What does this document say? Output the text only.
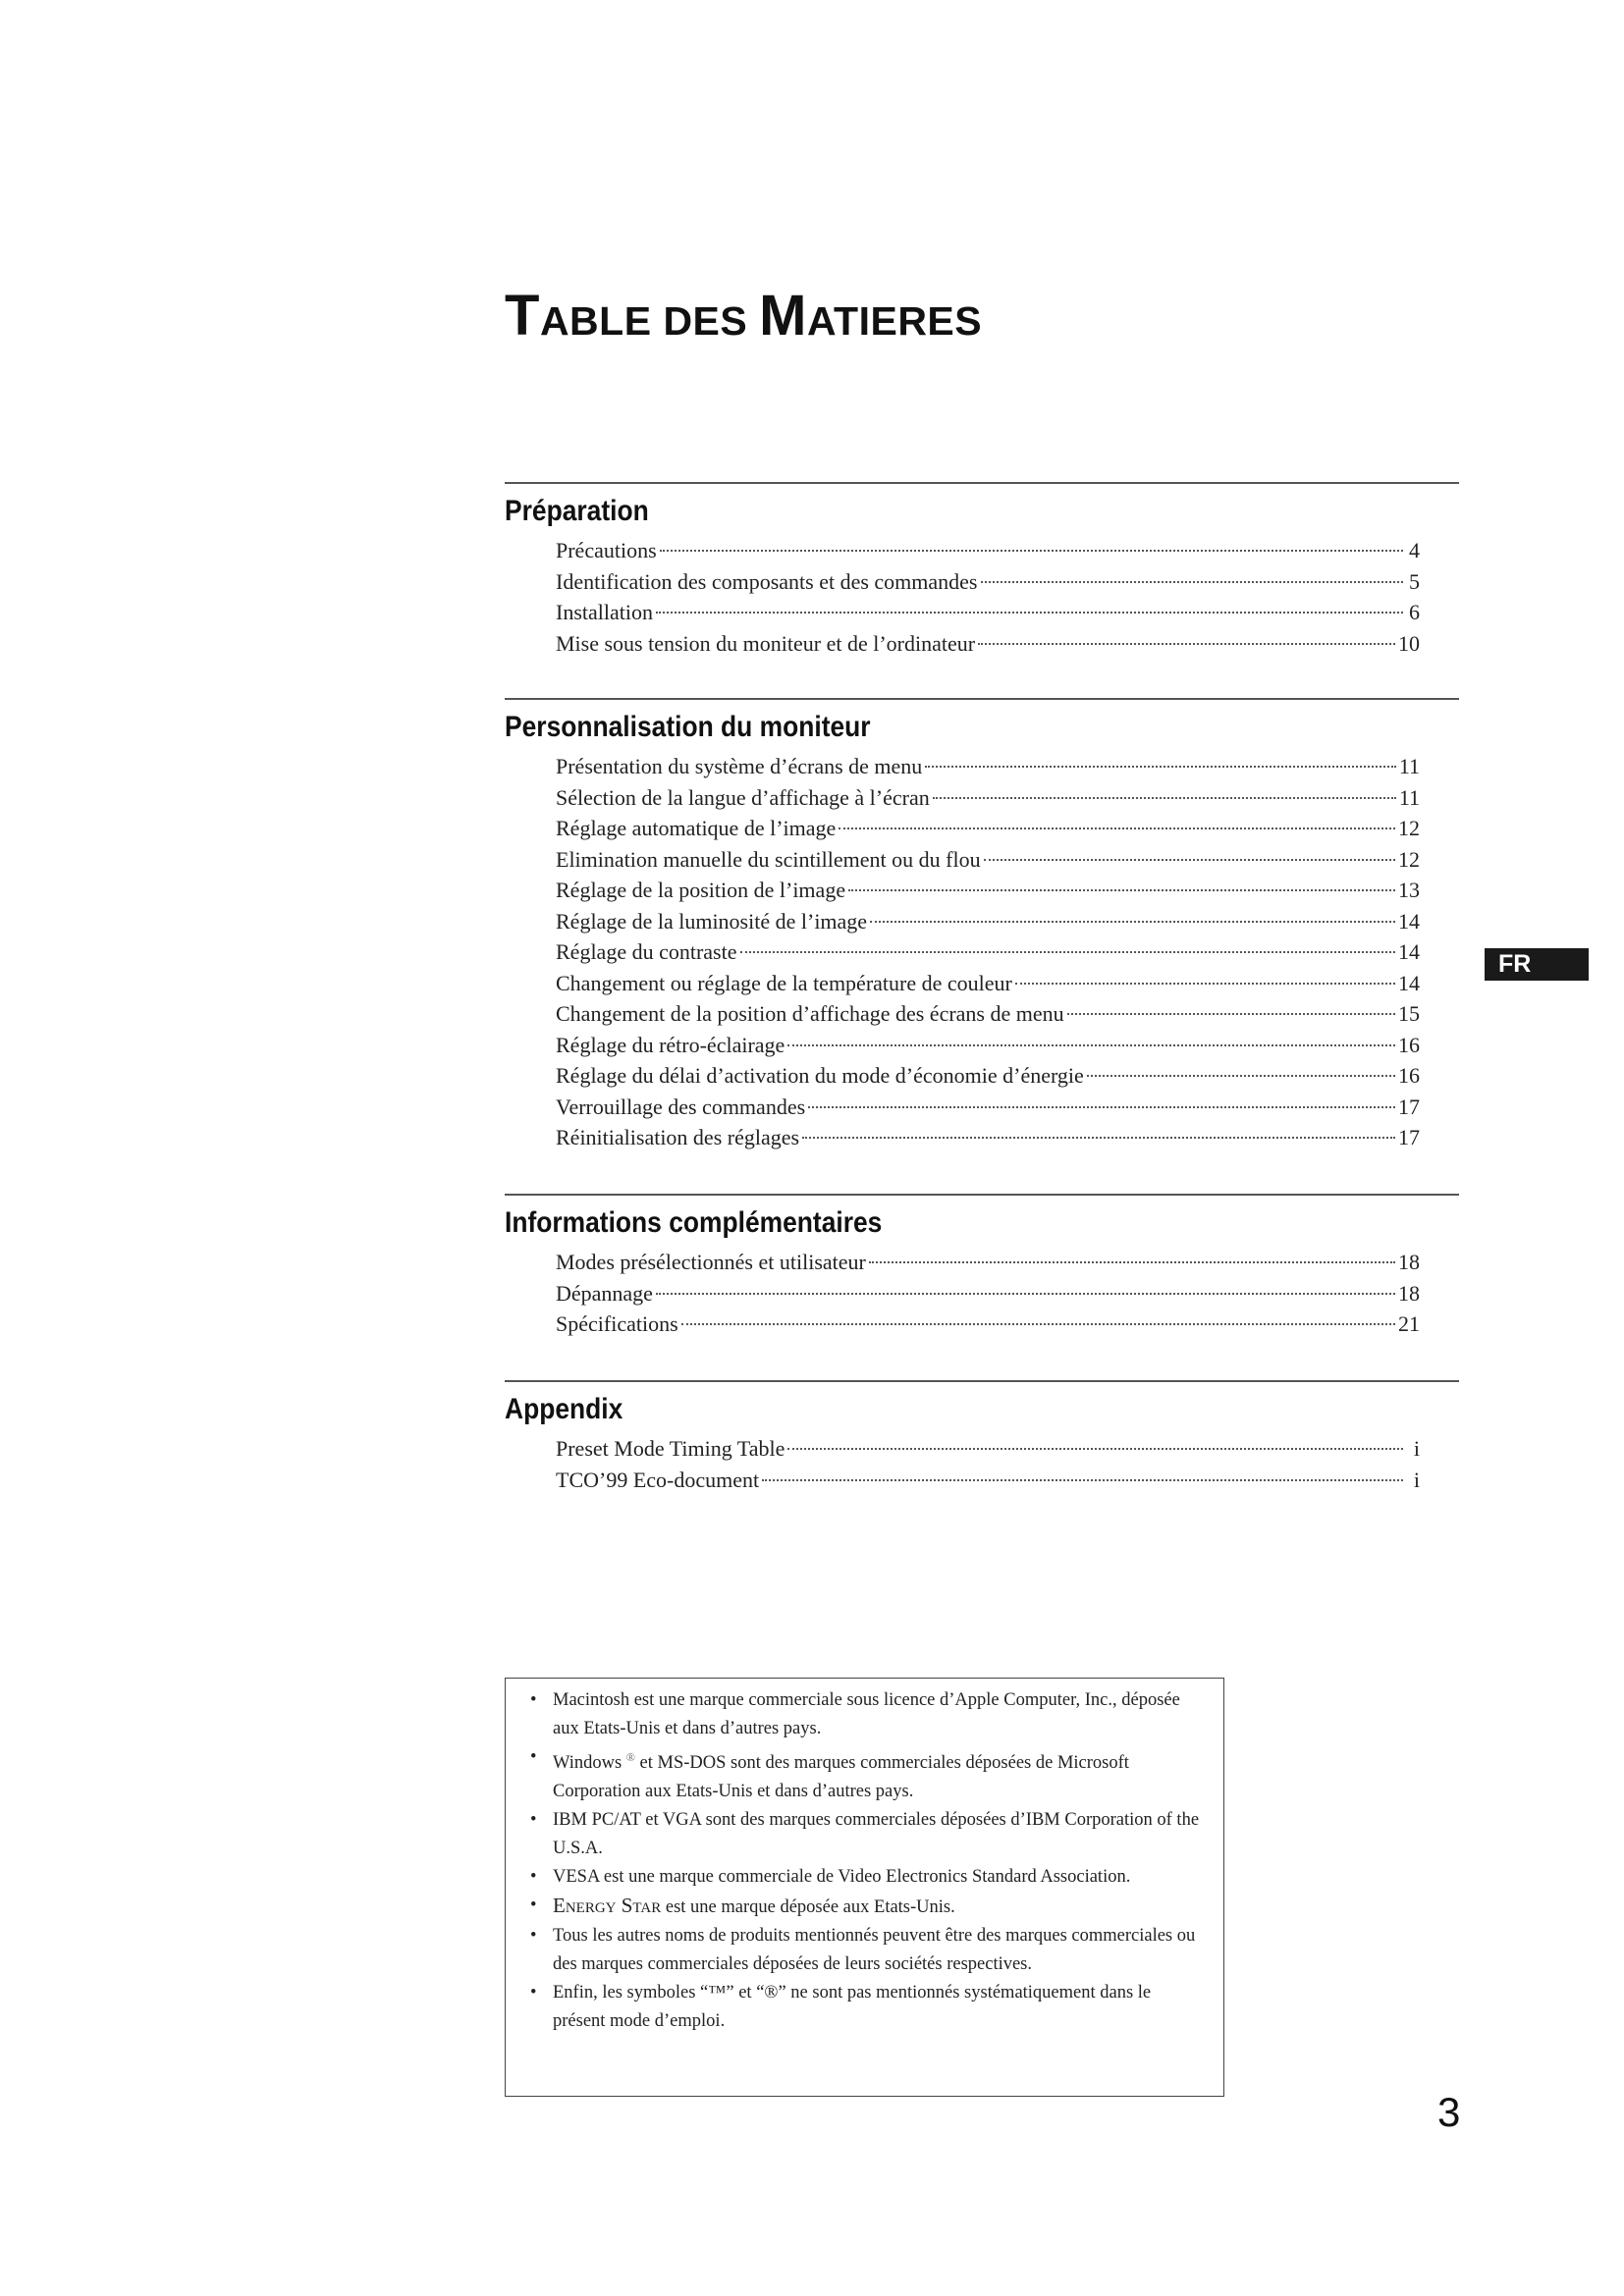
TABLE DES MATIERES
Préparation
Précautions	4
Identification des composants et des commandes	5
Installation	6
Mise sous tension du moniteur et de l’ordinateur	10
Personnalisation du moniteur
Présentation du système d’écrans de menu	11
Sélection de la langue d’affichage à l’écran	11
Réglage automatique de l’image	12
Elimination manuelle du scintillement ou du flou	12
Réglage de la position de l’image	13
Réglage de la luminosité de l’image	14
Réglage du contraste	14
Changement ou réglage de la température de couleur	14
Changement de la position d’affichage des écrans de menu	15
Réglage du rétro-éclairage	16
Réglage du délai d’activation du mode d’économie d’énergie	16
Verrouillage des commandes	17
Réinitialisation des réglages	17
Informations complémentaires
Modes présélectionnés et utilisateur	18
Dépannage	18
Spécifications	21
Appendix
Preset Mode Timing Table	i
TCO’99 Eco-document	i
FR
• Macintosh est une marque commerciale sous licence d’Apple Computer, Inc., déposée aux Etats-Unis et dans d’autres pays.
• Windows ® et MS-DOS sont des marques commerciales déposées de Microsoft Corporation aux Etats-Unis et dans d’autres pays.
• IBM PC/AT et VGA sont des marques commerciales déposées d’IBM Corporation of the U.S.A.
• VESA est une marque commerciale de Video Electronics Standard Association.
• Energy Star est une marque déposée aux Etats-Unis.
• Tous les autres noms de produits mentionnés peuvent être des marques commerciales ou des marques commerciales déposées de leurs sociétés respectives.
• Enfin, les symboles “™” et “®” ne sont pas mentionnés systématiquement dans le présent mode d’emploi.
3
